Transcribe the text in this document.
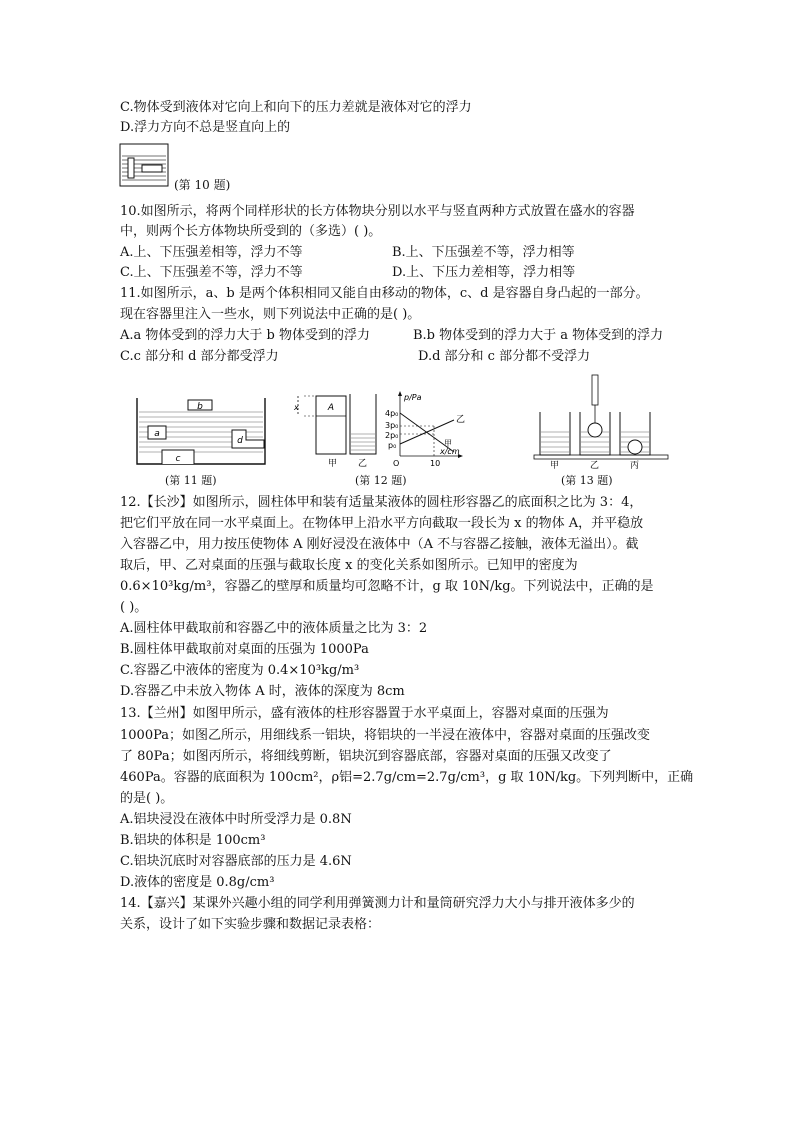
C.物体受到液体对它向上和向下的压力差就是液体对它的浮力
D.浮力方向不总是竖直向上的
(第 10 题)
10.如图所示，将两个同样形状的长方体物块分别以水平与竖直两种方式放置在盛水的容器
中，则两个长方体物块所受到的（多选）( )。
A.上、下压强差相等，浮力不等	B.上、下压强差不等，浮力相等
C.上、下压强差不等，浮力不等	D.上、下压力差相等，浮力相等
11.如图所示，a、b 是两个体积相同又能自由移动的物体，c、d 是容器自身凸起的一部分。
现在容器里注入一些水，则下列说法中正确的是( )。
A.a 物体受到的浮力大于 b 物体受到的浮力	B.b 物体受到的浮力大于 a 物体受到的浮力
C.c 部分和 d 部分都受浮力	D.d 部分和 c 部分都不受浮力
b
a
d
c
(第 11 题)
x	A
甲 乙
p/Pa
x/cm
4p₀
3p₀
2p₀
p₀
O	10
乙
甲
(第 12 题)
甲	乙	丙
(第 13 题)
12.【长沙】如图所示，圆柱体甲和装有适量某液体的圆柱形容器乙的底面积之比为 3：4，
把它们平放在同一水平桌面上。在物体甲上沿水平方向截取一段长为 x 的物体 A，并平稳放
入容器乙中，用力按压使物体 A 刚好浸没在液体中（A 不与容器乙接触，液体无溢出）。截
取后，甲、乙对桌面的压强与截取长度 x 的变化关系如图所示。已知甲的密度为
0.6×10³kg/m³，容器乙的壁厚和质量均可忽略不计，g 取 10N/kg。下列说法中，正确的是
( )。
A.圆柱体甲截取前和容器乙中的液体质量之比为 3：2
B.圆柱体甲截取前对桌面的压强为 1000Pa
C.容器乙中液体的密度为 0.4×10³kg/m³
D.容器乙中未放入物体 A 时，液体的深度为 8cm
13.【兰州】如图甲所示，盛有液体的柱形容器置于水平桌面上，容器对桌面的压强为
1000Pa；如图乙所示，用细线系一铝块，将铝块的一半浸在液体中，容器对桌面的压强改变
了 80Pa；如图丙所示，将细线剪断，铝块沉到容器底部，容器对桌面的压强又改变了
460Pa。容器的底面积为 100cm²，ρ铝=2.7g/cm=2.7g/cm³，g 取 10N/kg。下列判断中，正确
的是( )。
A.铝块浸没在液体中时所受浮力是 0.8N
B.铝块的体积是 100cm³
C.铝块沉底时对容器底部的压力是 4.6N
D.液体的密度是 0.8g/cm³
14.【嘉兴】某课外兴趣小组的同学利用弹簧测力计和量筒研究浮力大小与排开液体多少的
关系，设计了如下实验步骤和数据记录表格：
